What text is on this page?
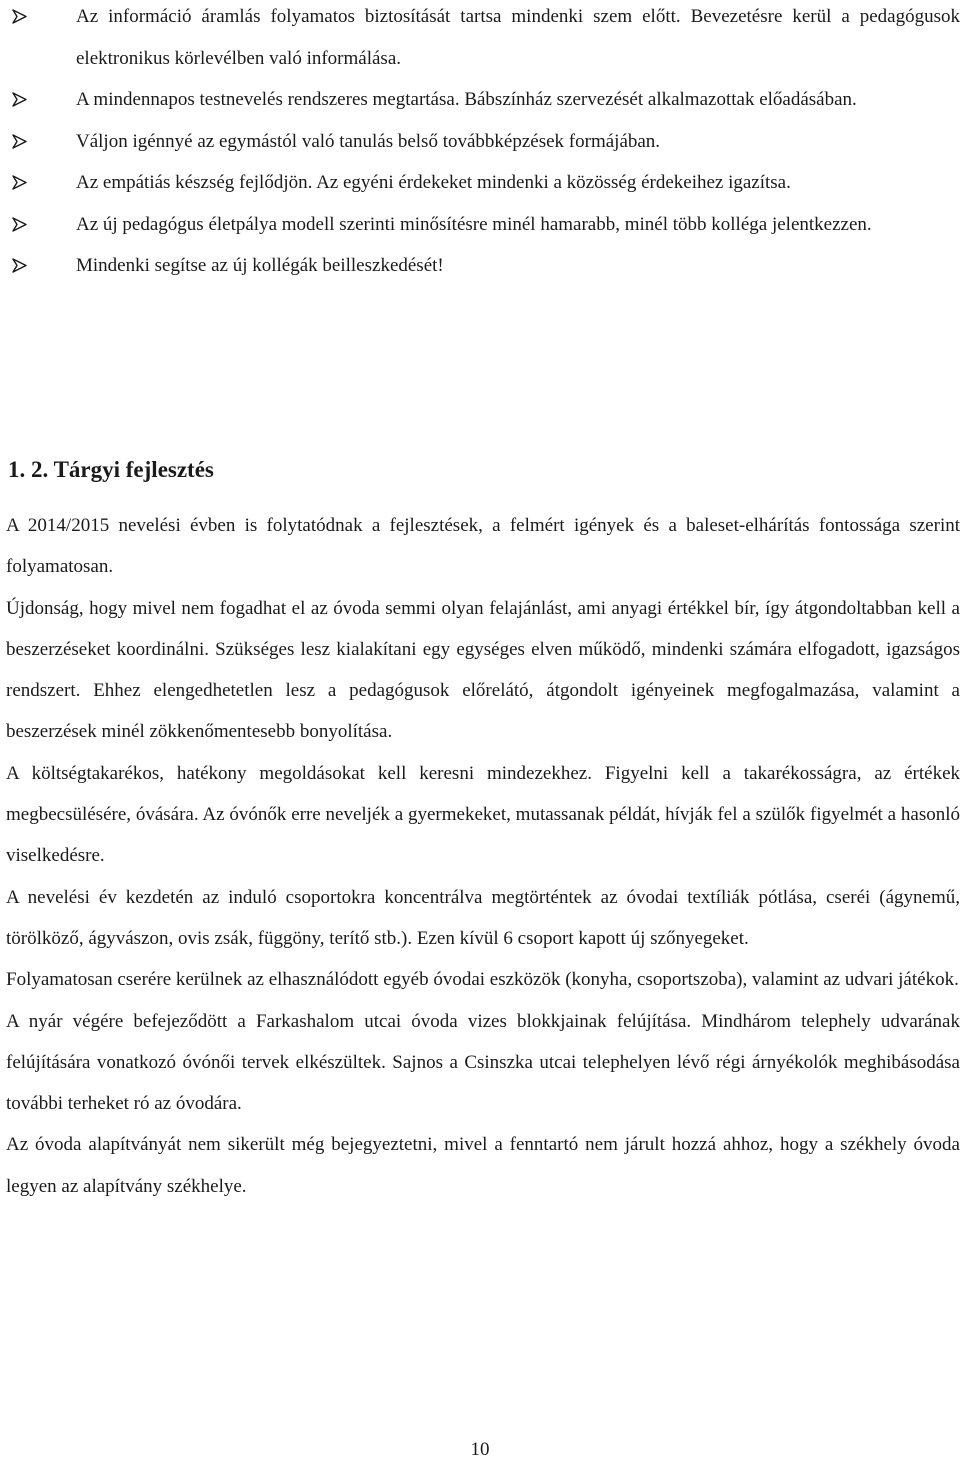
Az információ áramlás folyamatos biztosítását tartsa mindenki szem előtt. Bevezetésre kerül a pedagógusok elektronikus körlevélben való informálása.
A mindennapos testnevelés rendszeres megtartása. Bábszínház szervezését alkalmazottak előadásában.
Váljon igénnyé az egymástól való tanulás belső továbbképzések formájában.
Az empátiás készség fejlődjön. Az egyéni érdekeket mindenki a közösség érdekeihez igazítsa.
Az új pedagógus életpálya modell szerinti minősítésre minél hamarabb, minél több kolléga jelentkezzen.
Mindenki segítse az új kollégák beilleszkedését!
1. 2. Tárgyi fejlesztés

A 2014/2015 nevelési évben is folytatódnak a fejlesztések, a felmért igények és a baleset-elhárítás fontossága szerint folyamatosan.

Újdonság, hogy mivel nem fogadhat el az óvoda semmi olyan felajánlást, ami anyagi értékkel bír, így átgondoltabban kell a beszerzéseket koordinálni. Szükséges lesz kialakítani egy egységes elven működő, mindenki számára elfogadott, igazságos rendszert. Ehhez elengedhetetlen lesz a pedagógusok előrelátó, átgondolt igényeinek megfogalmazása, valamint a beszerzések minél zökkenőmentesebb bonyolítása.

A költségtakarékos, hatékony megoldásokat kell keresni mindezekhez. Figyelni kell a takarékosságra, az értékek megbecsülésére, óvására. Az óvónők erre neveljék a gyermekeket, mutassanak példát, hívják fel a szülők figyelmét a hasonló viselkedésre.

A nevelési év kezdetén az induló csoportokra koncentrálva megtörténtek az óvodai textíliák pótlása, cseréi (ágynemű, törölköző, ágyvászon, ovis zsák, függöny, terítő stb.). Ezen kívül 6 csoport kapott új szőnyegeket.

Folyamatosan cserére kerülnek az elhasználódott egyéb óvodai eszközök (konyha, csoportszoba), valamint az udvari játékok.

A nyár végére befejeződött a Farkashalom utcai óvoda vizes blokkjainak felújítása. Mindhárom telephely udvarának felújítására vonatkozó óvónői tervek elkészültek. Sajnos a Csinszka utcai telephelyen lévő régi árnyékolók meghibásodása további terheket ró az óvodára.

Az óvoda alapítványát nem sikerült még bejegyeztetni, mivel a fenntartó nem járult hozzá ahhoz, hogy a székhely óvoda legyen az alapítvány székhelye.

10
